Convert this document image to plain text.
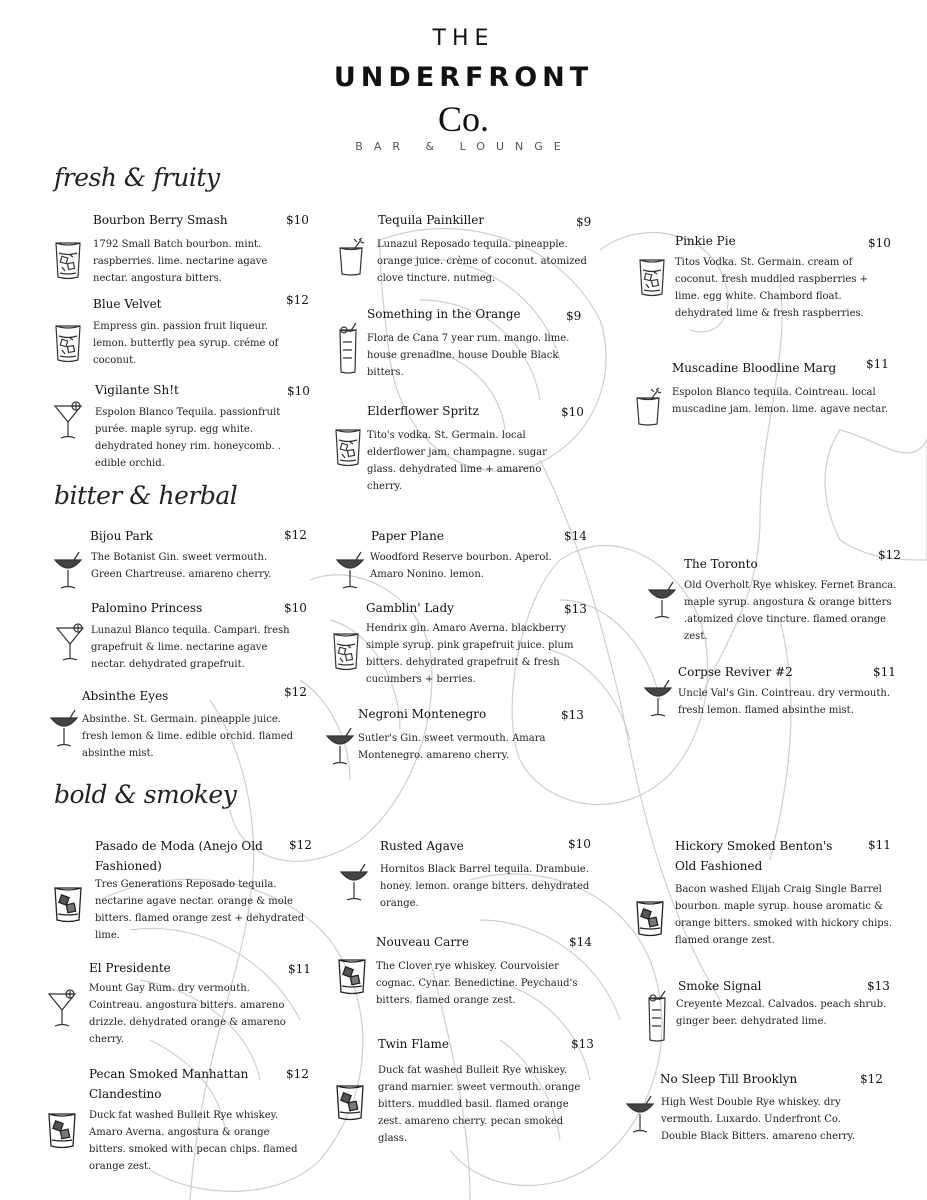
THE
UNDERFRONT
Co.
BAR & LOUNGE
fresh & fruity
bitter & herbal
bold & smokey
Bourbon Berry Smash	$10
1792 Small Batch bourbon. mint. raspberries. lime. nectarine agave nectar. angostura bitters.
Blue Velvet	$12
Empress gin. passion fruit liqueur. lemon. butterfly pea syrup. créme of coconut.
Vigilante Sh!t	$10
Espolon Blanco Tequila. passionfruit purée. maple syrup. egg white. dehydrated honey rim. honeycomb. . edible orchid.
Tequila Painkiller	$9
Lunazul Reposado tequila. pineapple. orange juice. crème of coconut. atomized clove tincture. nutmeg.
Something in the Orange	$9
Flora de Cana 7 year rum. mango. lime. house grenadine. house Double Black bitters.
Elderflower Spritz	$10
Tito's vodka. St. Germain. local elderflower jam. champagne. sugar glass. dehydrated lime + amareno cherry.
Pinkie Pie	$10
Titos Vodka. St. Germain. cream of coconut. fresh muddled raspberries + lime. egg white. Chambord float. dehydrated lime & fresh raspberries.
Muscadine Bloodline Marg	$11
Espolon Blanco tequila. Cointreau. local muscadine jam. lemon. lime. agave nectar.
Bijou Park	$12
The Botanist Gin. sweet vermouth. Green Chartreuse. amareno cherry.
Palomino Princess	$10
Lunazul Blanco tequila. Campari. fresh grapefruit & lime. nectarine agave nectar. dehydrated grapefruit.
Absinthe Eyes	$12
Absinthe. St. Germain. pineapple juice. fresh lemon & lime. edible orchid. flamed absinthe mist.
Paper Plane	$14
Woodford Reserve bourbon. Aperol. Amaro Nonino. lemon.
Gamblin' Lady	$13
Hendrix gin. Amaro Averna. blackberry simple syrup. pink grapefruit juice. plum bitters. dehydrated grapefruit & fresh cucumbers + berries.
Negroni Montenegro	$13
Sutler's Gin. sweet vermouth. Amara Montenegro. amareno cherry.
The Toronto
$12
Old Overholt Rye whiskey. Fernet Branca. maple syrup. angostura & orange bitters .atomized clove tincture. flamed orange zest.
Corpse Reviver #2	$11
Uncle Val's Gin. Cointreau. dry vermouth. fresh lemon. flamed absinthe mist.
Pasado de Moda (Anejo Old Fashioned)
$12
Tres Generations Reposado tequila. nectarine agave nectar. orange & mole bitters. flamed orange zest + dehydrated lime.
El Presidente	$11
Mount Gay Rum. dry vermouth. Cointreau. angostura bitters. amareno drizzle. dehydrated orange & amareno cherry.
Pecan Smoked Manhattan Clandestino
$12
Duck fat washed Bulleit Rye whiskey. Amaro Averna. angostura & orange bitters. smoked with pecan chips. flamed orange zest.
Rusted Agave	$10
Hornitos Black Barrel tequila. Drambuie. honey. lemon. orange bitters. dehydrated orange.
Nouveau Carre	$14
The Clover rye whiskey. Courvoisier cognac. Cynar. Benedictine. Peychaud's bitters. flamed orange zest.
Twin Flame	$13
Duck fat washed Bulleit Rye whiskey. grand marnier. sweet vermouth. orange bitters. muddled basil. flamed orange zest. amareno cherry. pecan smoked glass.
Hickory Smoked Benton's Old Fashioned
$11
Bacon washed Elijah Craig Single Barrel bourbon. maple syrup. house aromatic & orange bitters. smoked with hickory chips. flamed orange zest.
Smoke Signal	$13
Creyente Mezcal. Calvados. peach shrub. ginger beer. dehydrated lime.
No Sleep Till Brooklyn	$12
High West Double Rye whiskey. dry vermouth. Luxardo. Underfront Co. Double Black Bitters. amareno cherry.
